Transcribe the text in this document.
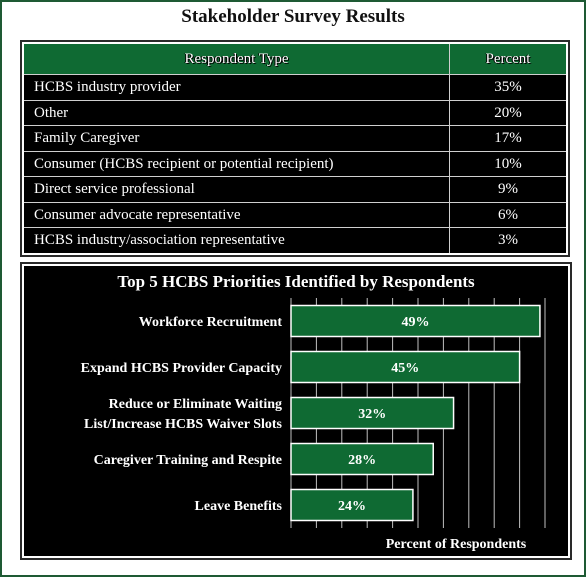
Stakeholder Survey Results
Respondent Type	Percent
HCBS industry provider	35%
Other	20%
Family Caregiver	17%
Consumer (HCBS recipient or potential recipient)	10%
Direct service professional	9%
Consumer advocate representative	6%
HCBS industry/association representative	3%
Top 5 HCBS Priorities Identified by Respondents
49%
Workforce Recruitment
45%
Expand HCBS Provider Capacity
32%
Reduce or Eliminate Waiting
List/Increase HCBS Waiver Slots
28%
Caregiver Training and Respite
24%
Leave Benefits
Percent of Respondents
